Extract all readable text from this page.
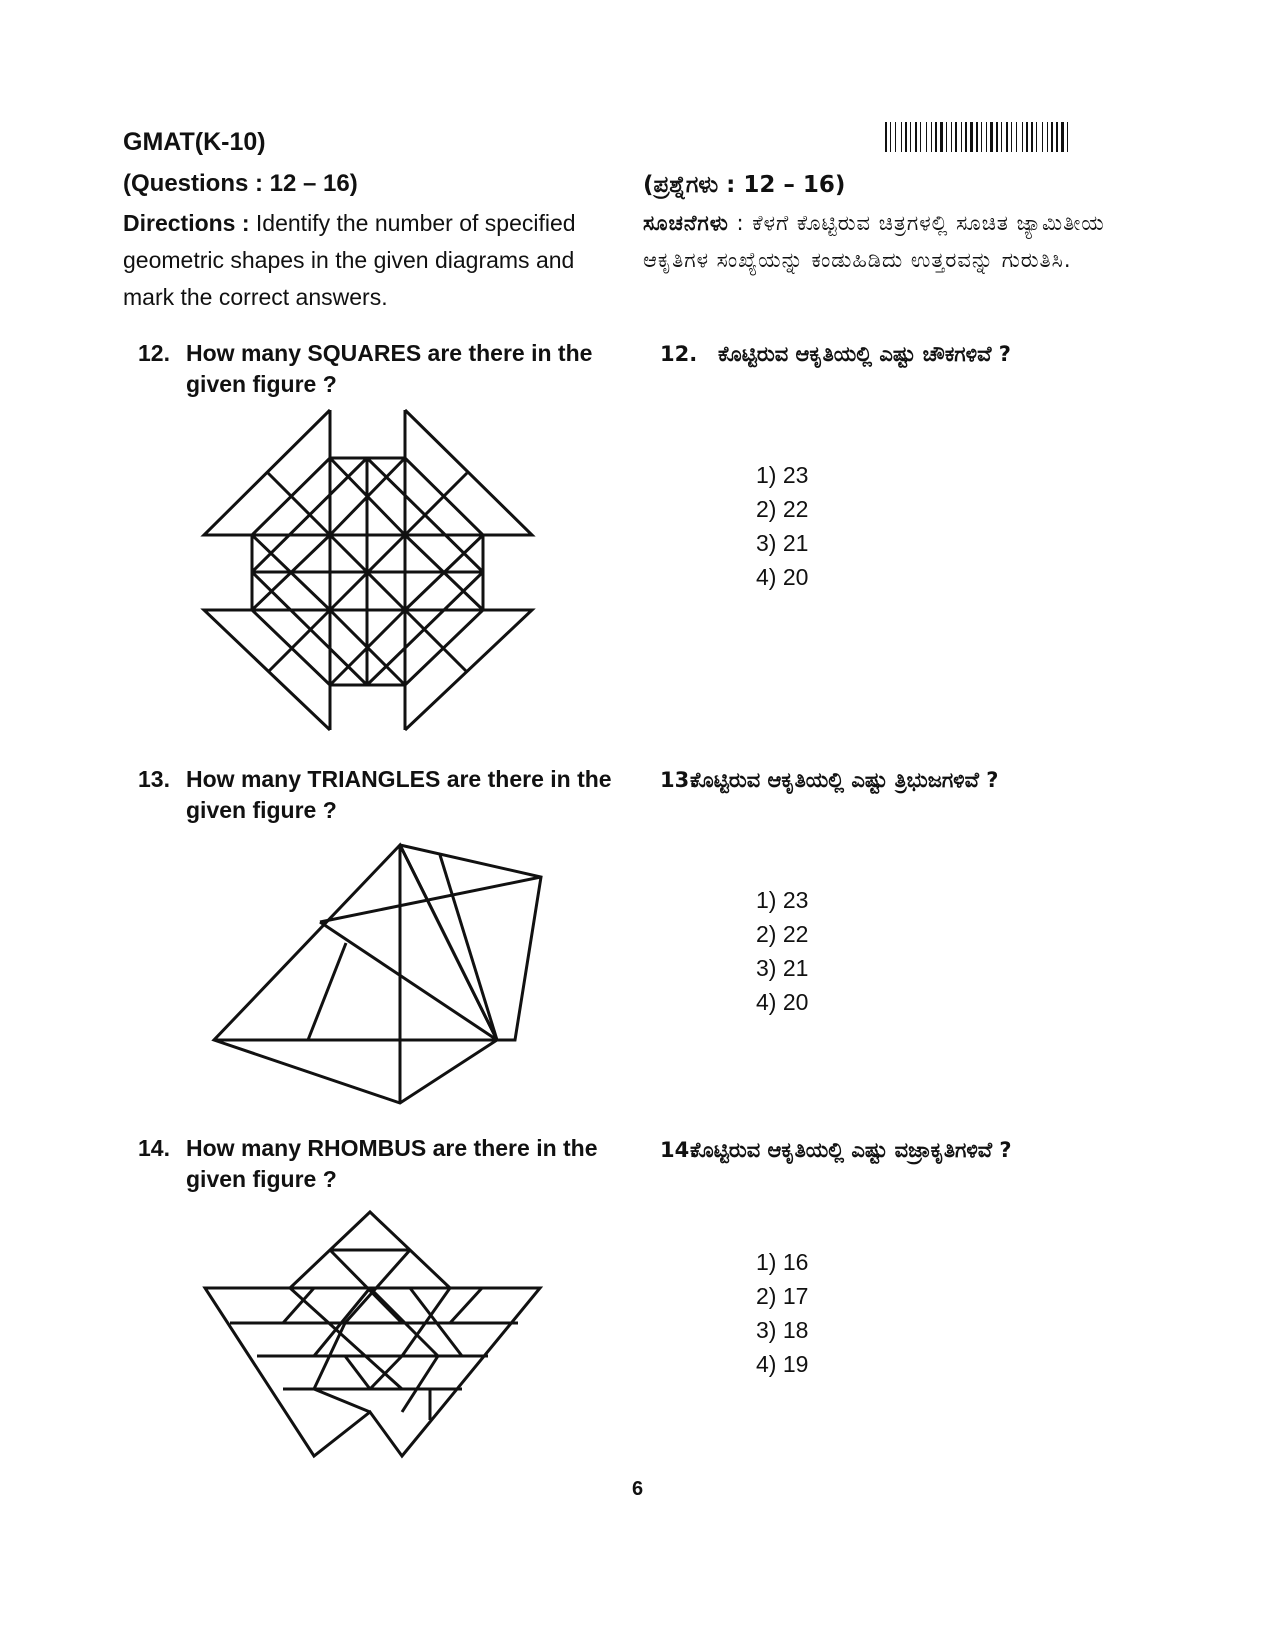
GMAT(K-10)
(Questions : 12 – 16)	(ಪ್ರಶ್ನೆಗಳು : 12 – 16)
Directions : Identify the number of specified geometric shapes in the given diagrams and mark the correct answers.
ಸೂಚನೆಗಳು : ಕೆಳಗೆ ಕೊಟ್ಟಿರುವ ಚಿತ್ರಗಳಲ್ಲಿ ಸೂಚಿತ ಜ್ಯಾಮಿತೀಯ ಆಕೃತಿಗಳ ಸಂಖ್ಯೆಯನ್ನು ಕಂಡುಹಿಡಿದು ಉತ್ತರವನ್ನು ಗುರುತಿಸಿ.
12. How many SQUARES are there in the given figure ?
12. ಕೊಟ್ಟಿರುವ ಆಕೃತಿಯಲ್ಲಿ ಎಷ್ಟು ಚೌಕಗಳಿವೆ ?
1) 23
2) 22
3) 21
4) 20
13. How many TRIANGLES are there in the given figure ?
13.ಕೊಟ್ಟಿರುವ ಆಕೃತಿಯಲ್ಲಿ ಎಷ್ಟು ತ್ರಿಭುಜಗಳಿವೆ ?
1) 23
2) 22
3) 21
4) 20
14. How many RHOMBUS are there in the given figure ?
14.ಕೊಟ್ಟಿರುವ ಆಕೃತಿಯಲ್ಲಿ ಎಷ್ಟು ವಜ್ರಾಕೃತಿಗಳಿವೆ ?
1) 16
2) 17
3) 18
4) 19
6
